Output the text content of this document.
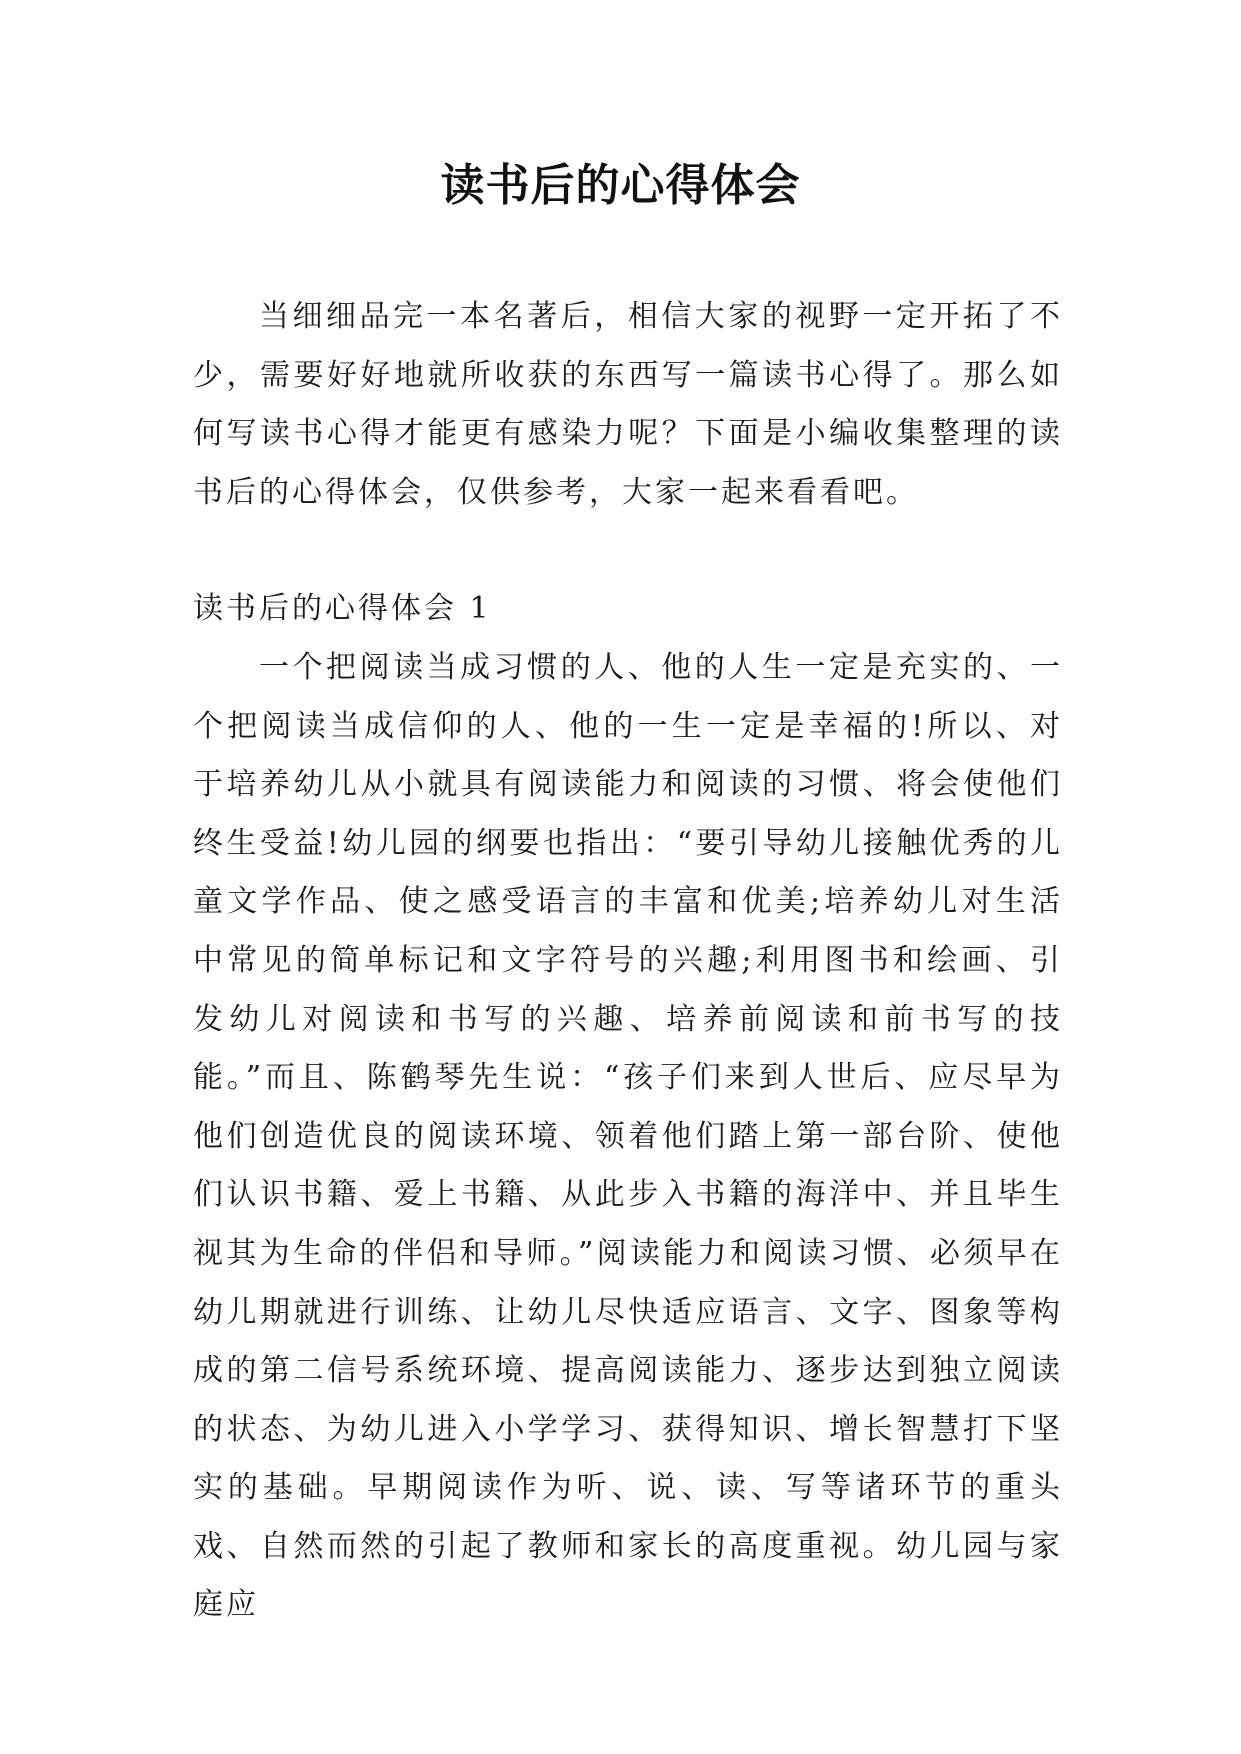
读书后的心得体会

当细细品完一本名著后，相信大家的视野一定开拓了不少，需要好好地就所收获的东西写一篇读书心得了。那么如何写读书心得才能更有感染力呢？下面是小编收集整理的读书后的心得体会，仅供参考，大家一起来看看吧。

读书后的心得体会 1

一个把阅读当成习惯的人、他的人生一定是充实的、一个把阅读当成信仰的人、他的一生一定是幸福的!所以、对于培养幼儿从小就具有阅读能力和阅读的习惯、将会使他们终生受益!幼儿园的纲要也指出：“要引导幼儿接触优秀的儿童文学作品、使之感受语言的丰富和优美;培养幼儿对生活中常见的简单标记和文字符号的兴趣;利用图书和绘画、引发幼儿对阅读和书写的兴趣、培养前阅读和前书写的技能。”而且、陈鹤琴先生说：“孩子们来到人世后、应尽早为他们创造优良的阅读环境、领着他们踏上第一部台阶、使他们认识书籍、爱上书籍、从此步入书籍的海洋中、并且毕生视其为生命的伴侣和导师。”阅读能力和阅读习惯、必须早在幼儿期就进行训练、让幼儿尽快适应语言、文字、图象等构成的第二信号系统环境、提高阅读能力、逐步达到独立阅读的状态、为幼儿进入小学学习、获得知识、增长智慧打下坚实的基础。早期阅读作为听、说、读、写等诸环节的重头戏、自然而然的引起了教师和家长的高度重视。幼儿园与家庭应
